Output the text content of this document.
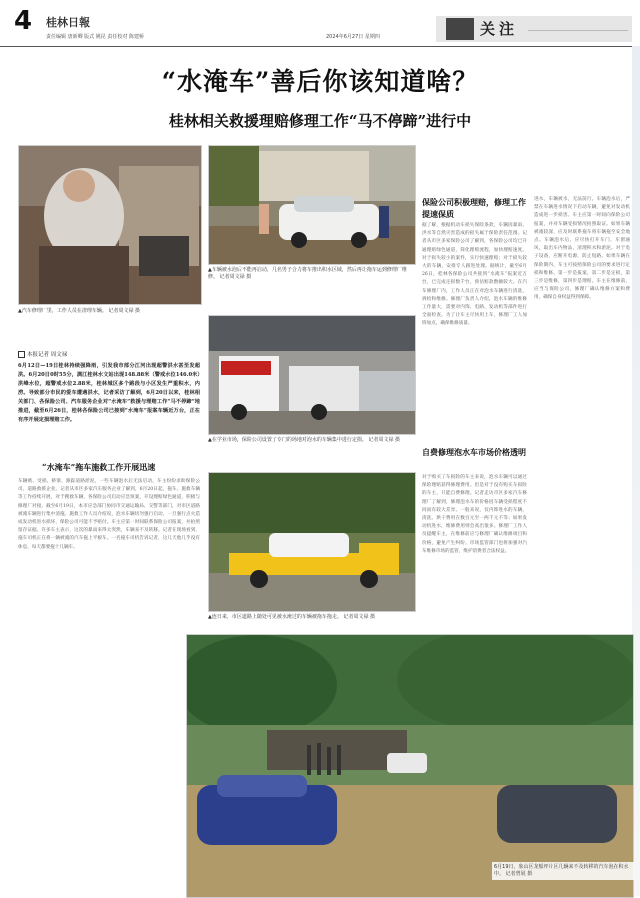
4 桂林日報
责任编辑 唐新卿 版式 姚昆 责任校对 陈建桥	2024年6月27日 星期四	关注
“水淹车”善后你该知道啥？
桂林相关救援理赔修理工作“马不停蹄”进行中
▲汽车修理厂里，工作人员在清理车辆。 记者周文禄 摄
▲车辆被水泡后不能再启动，几名男子合力将车推出积水区域，然后再让拖车运到修理厂维修。 记者周文禄 摄
本报记者 周文禄
6月12日—19日桂林持续强降雨，引发我市部分江河出现超警洪水甚至发超洪。6月20日0时55分，漓江桂林水文站出现148.88米（警戒水位146.0米）洪峰水位，超警戒水位2.88米，桂林城区多个路段与小区发生严重积水，内涝。导致部分市民的爱车遭遇洪水，记者采访了解到，6月20日以来，桂林相关部门、各保险公司、汽车服务企业对“水淹车”救援与理赔工作“马不停蹄”地推进，截至6月26日，桂林各保险公司已接到“水淹车”报案车辆近万台，正在有序开展定损理赔工作。
▲在学业市场，保险公司设置了专门的场地对泡水的车辆集中进行定损。 记者周文禄 摄
“水淹车”拖车施救工作开展迅速
车辆被、受损、桥梁、跟踪道路淤泥，一些车辆泡水后无法启动，车主纷纷求助保险公司、道路救援企业。记者从市区多家汽车服务企业了解到，6月20日起，拖车、施救车辆等工作持续开展，对于搜救车辆，各保险公司启动应急预案，开设理赔绿色通道，积极与修理厂对接。截至6月19日，本市应急部门协同市交通运输局、交警等部门，对市区道路被淹车辆进行集中清拖。施救工作人员介绍说，泡水车辆切勿强行启动，一旦强行点火造成发动机进水损坏，保险公司可能不予赔付。车主应第一时间联系保险公司报案，并拍照留存证据。许多车主表示，这次的暴雨来得太突然，车辆来不及转移。记者在现场看到，拖车司机正在将一辆被淹的汽车拖上平板车。一名拖车司机告诉记者，这几天他几乎没有休息，每天都要拖十几辆车。
▲连日来，市区道路上随处可见被水淹过的车辆被拖车拖走。 记者周文禄 摄
保险公司积极理赔，修理工作提速保质
据了解，根据机动车损失保险条款，车辆因暴雨、洪水等自然灾害造成的损失属于保险责任范围。记者从市区多家保险公司了解到，各保险公司均已开通理赔绿色通道，简化理赔流程，加快理赔速度。对于损失较小的案件，实行快速理赔；对于损失较大的车辆，安排专人跟进处理。据统计，截至6月26日，桂林各保险公司共接到“水淹车”报案近万台，已完成定损数千台，预估赔款数额较大。在汽车修理厂内，工作人员正在对泡水车辆进行清洗、拆检和维修。修理厂负责人介绍，泡水车辆的维修工作量大，需要对内饰、电路、发动机等部件进行全面检查。为了让车主尽快用上车，修理厂工人加班加点，确保维修质量。
自费修理泡水车市场价格透明
对于购买了车损险的车主来说，泡水车辆可以通过保险理赔获得修理费用。但是对于没有购买车损险的车主，只能自费修理。记者走访市区多家汽车修理厂了解到，修理泡水车的价格因车辆受损程度不同而有较大差异。一般来说，仅内饰进水的车辆，清洗、烘干费用在数百元至一两千元不等；如果发动机进水，维修费用则会高出很多。修理厂工作人员提醒车主，在维修前应与修理厂确认维修项目和价格，避免产生纠纷。市场监管部门也将加强对汽车维修市场的监管，维护消费者合法权益。
进水，车辆被水，无法前行。车辆泡水后，严禁在车辆进水情况下启动车辆，避免对发动机造成进一步损害。车主应第一时间向保险公司报案，并对车辆受损情况拍照取证。如果车辆被淹较深，应及时联系拖车将车辆拖至安全地点。车辆泡水后，应尽快打开车门、车窗通风，取出车内物品，清理积水和淤泥。对于电子设备，应断开电源，防止短路。如果车辆在保险期内，车主可按照保险公司的要求进行定损和维修。第一步是报案，第二步是定损，第三步是维修，第四步是理赔。车主在维修前，应当与保险公司、修理厂确认维修方案和费用，确保自身权益得到保障。
6月19日，象山区龙船坪片区几辆来不及转移的汽车泡在积水中。 记者曾展 摄
